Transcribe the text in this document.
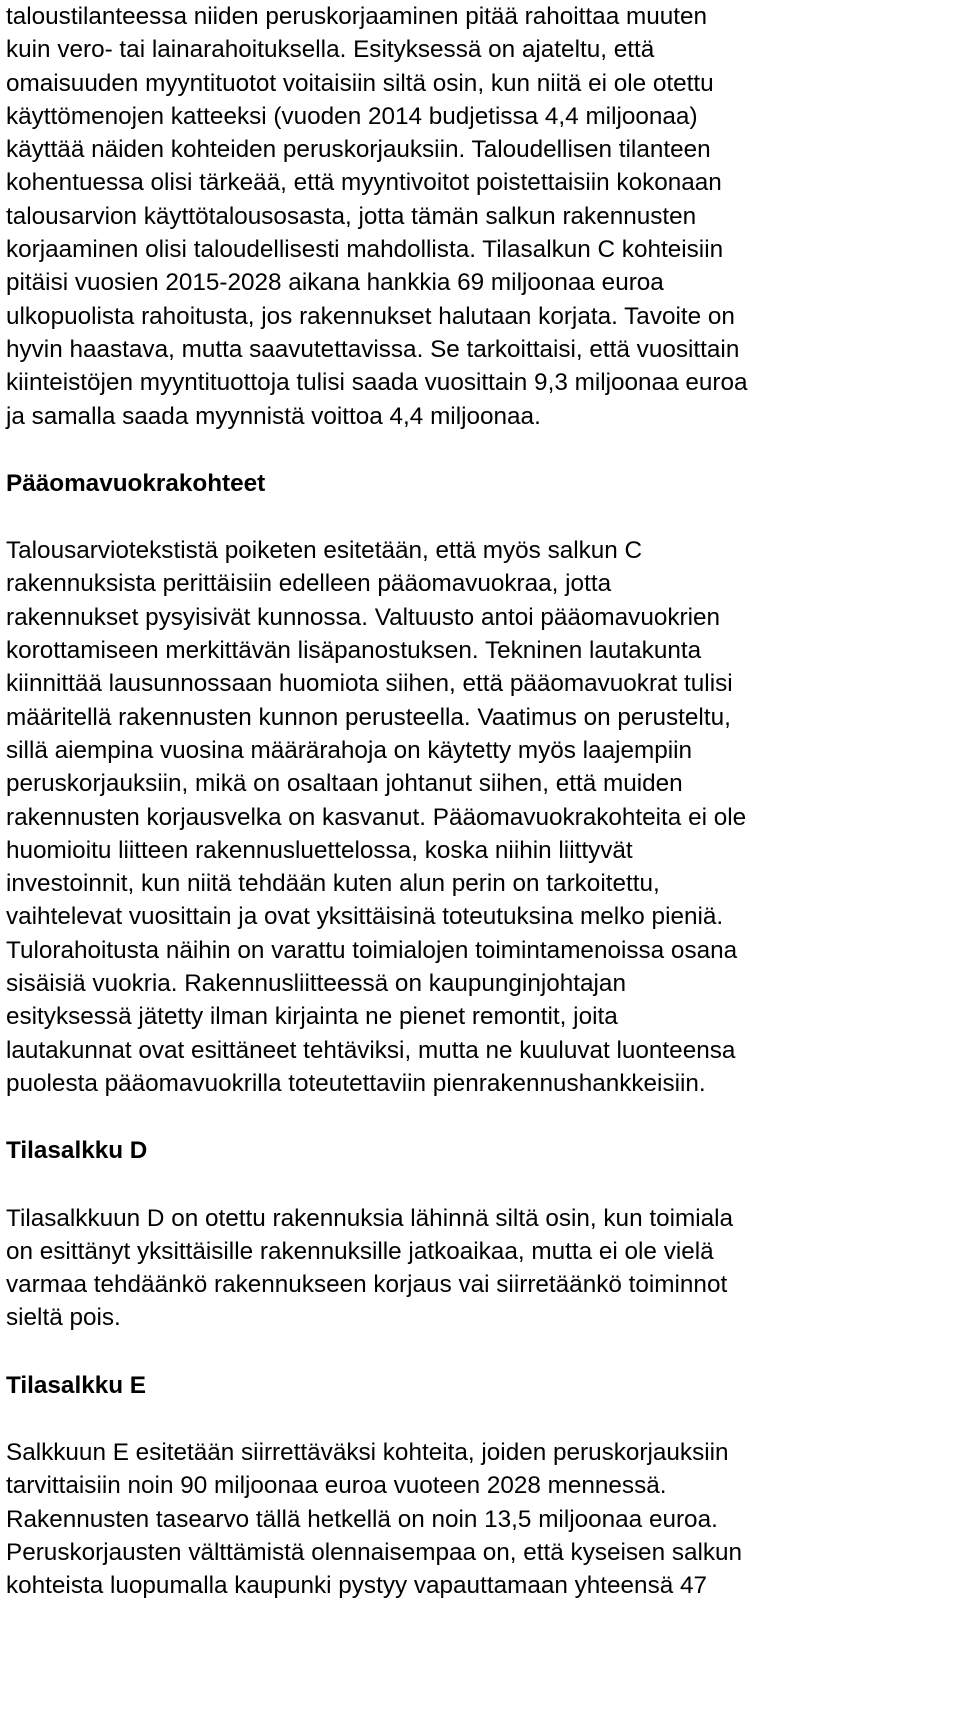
taloustilanteessa niiden peruskorjaaminen pitää rahoittaa muuten
kuin vero- tai lainarahoituksella. Esityksessä on ajateltu, että
omaisuuden myyntituotot voitaisiin siltä osin, kun niitä ei ole otettu
käyttömenojen katteeksi (vuoden 2014 budjetissa 4,4 miljoonaa)
käyttää näiden kohteiden peruskorjauksiin. Taloudellisen tilanteen
kohentuessa olisi tärkeää, että myyntivoitot poistettaisiin kokonaan
talousarvion käyttötalousosasta, jotta tämän salkun rakennusten
korjaaminen olisi taloudellisesti mahdollista. Tilasalkun C kohteisiin
pitäisi vuosien 2015-2028 aikana hankkia 69 miljoonaa euroa
ulkopuolista rahoitusta, jos rakennukset halutaan korjata. Tavoite on
hyvin haastava, mutta saavutettavissa. Se tarkoittaisi, että vuosittain
kiinteistöjen myyntituottoja tulisi saada vuosittain 9,3 miljoonaa euroa
ja samalla saada myynnistä voittoa 4,4 miljoonaa.
Pääomavuokrakohteet
Talousarviotekstistä poiketen esitetään, että myös salkun C
rakennuksista perittäisiin edelleen pääomavuokraa, jotta
rakennukset pysyisivät kunnossa. Valtuusto antoi pääomavuokrien
korottamiseen merkittävän lisäpanostuksen. Tekninen lautakunta
kiinnittää lausunnossaan huomiota siihen, että pääomavuokrat tulisi
määritellä rakennusten kunnon perusteella. Vaatimus on perusteltu,
sillä aiempina vuosina määrärahoja on käytetty myös laajempiin
peruskorjauksiin, mikä on osaltaan johtanut siihen, että muiden
rakennusten korjausvelka on kasvanut. Pääomavuokrakohteita ei ole
huomioitu liitteen rakennusluettelossa, koska niihin liittyvät
investoinnit, kun niitä tehdään kuten alun perin on tarkoitettu,
vaihtelevat vuosittain ja ovat yksittäisinä toteutuksina melko pieniä.
Tulorahoitusta näihin on varattu toimialojen toimintamenoissa osana
sisäisiä vuokria. Rakennusliitteessä on kaupunginjohtajan
esityksessä jätetty ilman kirjainta ne pienet remontit, joita
lautakunnat ovat esittäneet tehtäviksi, mutta ne kuuluvat luonteensa
puolesta pääomavuokrilla toteutettaviin pienrakennushankkeisiin.
Tilasalkku D
Tilasalkkuun D on otettu rakennuksia lähinnä siltä osin, kun toimiala
on esittänyt yksittäisille rakennuksille jatkoaikaa, mutta ei ole vielä
varmaa tehdäänkö rakennukseen korjaus vai siirretäänkö toiminnot
sieltä pois.
Tilasalkku E
Salkkuun E esitetään siirrettäväksi kohteita, joiden peruskorjauksiin
tarvittaisiin noin 90 miljoonaa euroa vuoteen 2028 mennessä.
Rakennusten tasearvo tällä hetkellä on noin 13,5 miljoonaa euroa.
Peruskorjausten välttämistä olennaisempaa on, että kyseisen salkun
kohteista luopumalla kaupunki pystyy vapauttamaan yhteensä 47
